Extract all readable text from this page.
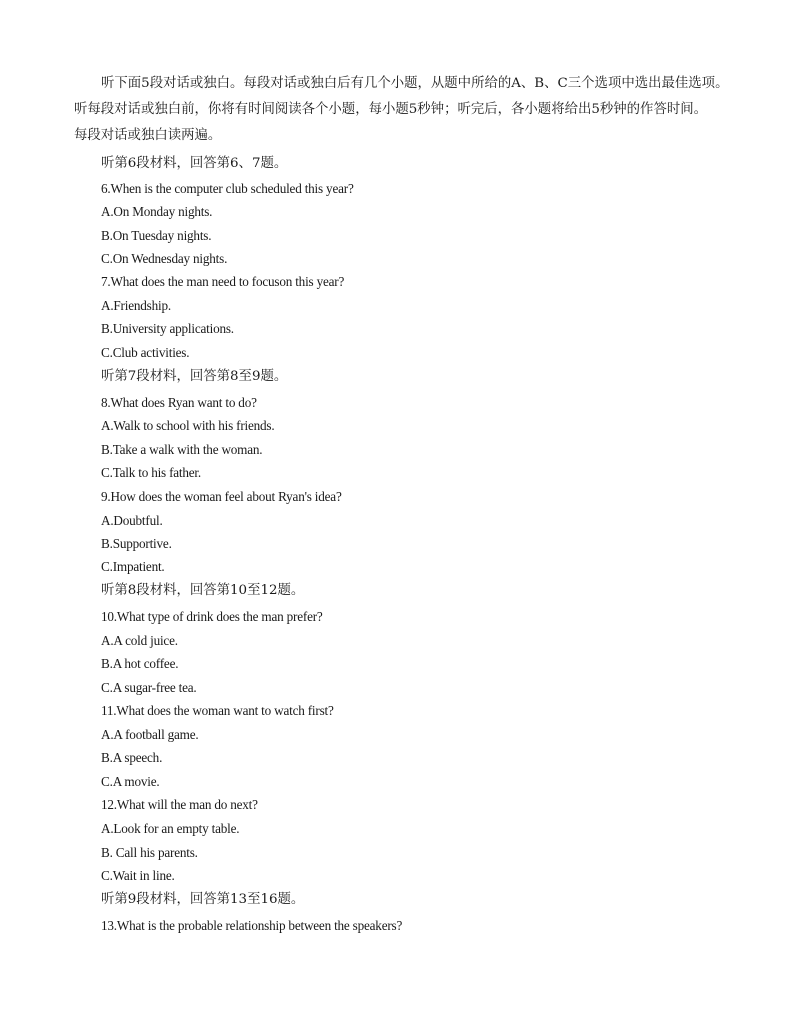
听下面5段对话或独白。每段对话或独白后有几个小题，从题中所给的A、B、C三个选项中选出最佳选项。
听每段对话或独白前，你将有时间阅读各个小题，每小题5秒钟；听完后，各小题将给出5秒钟的作答时间。
每段对话或独白读两遍。
听第6段材料，回答第6、7题。
6.When is the computer club scheduled this year?
A.On Monday nights.
B.On Tuesday nights.
C.On Wednesday nights.
7.What does the man need to focuson this year?
A.Friendship.
B.University applications.
C.Club activities.
听第7段材料，回答第8至9题。
8.What does Ryan want to do?
A.Walk to school with his friends.
B.Take a walk with the woman.
C.Talk to his father.
9.How does the woman feel about Ryan's idea?
A.Doubtful.
B.Supportive.
C.Impatient.
听第8段材料，回答第10至12题。
10.What type of drink does the man prefer?
A.A cold juice.
B.A hot coffee.
C.A sugar-free tea.
11.What does the woman want to watch first?
A.A football game.
B.A speech.
C.A movie.
12.What will the man do next?
A.Look for an empty table.
B. Call his parents.
C.Wait in line.
听第9段材料，回答第13至16题。
13.What is the probable relationship between the speakers?
